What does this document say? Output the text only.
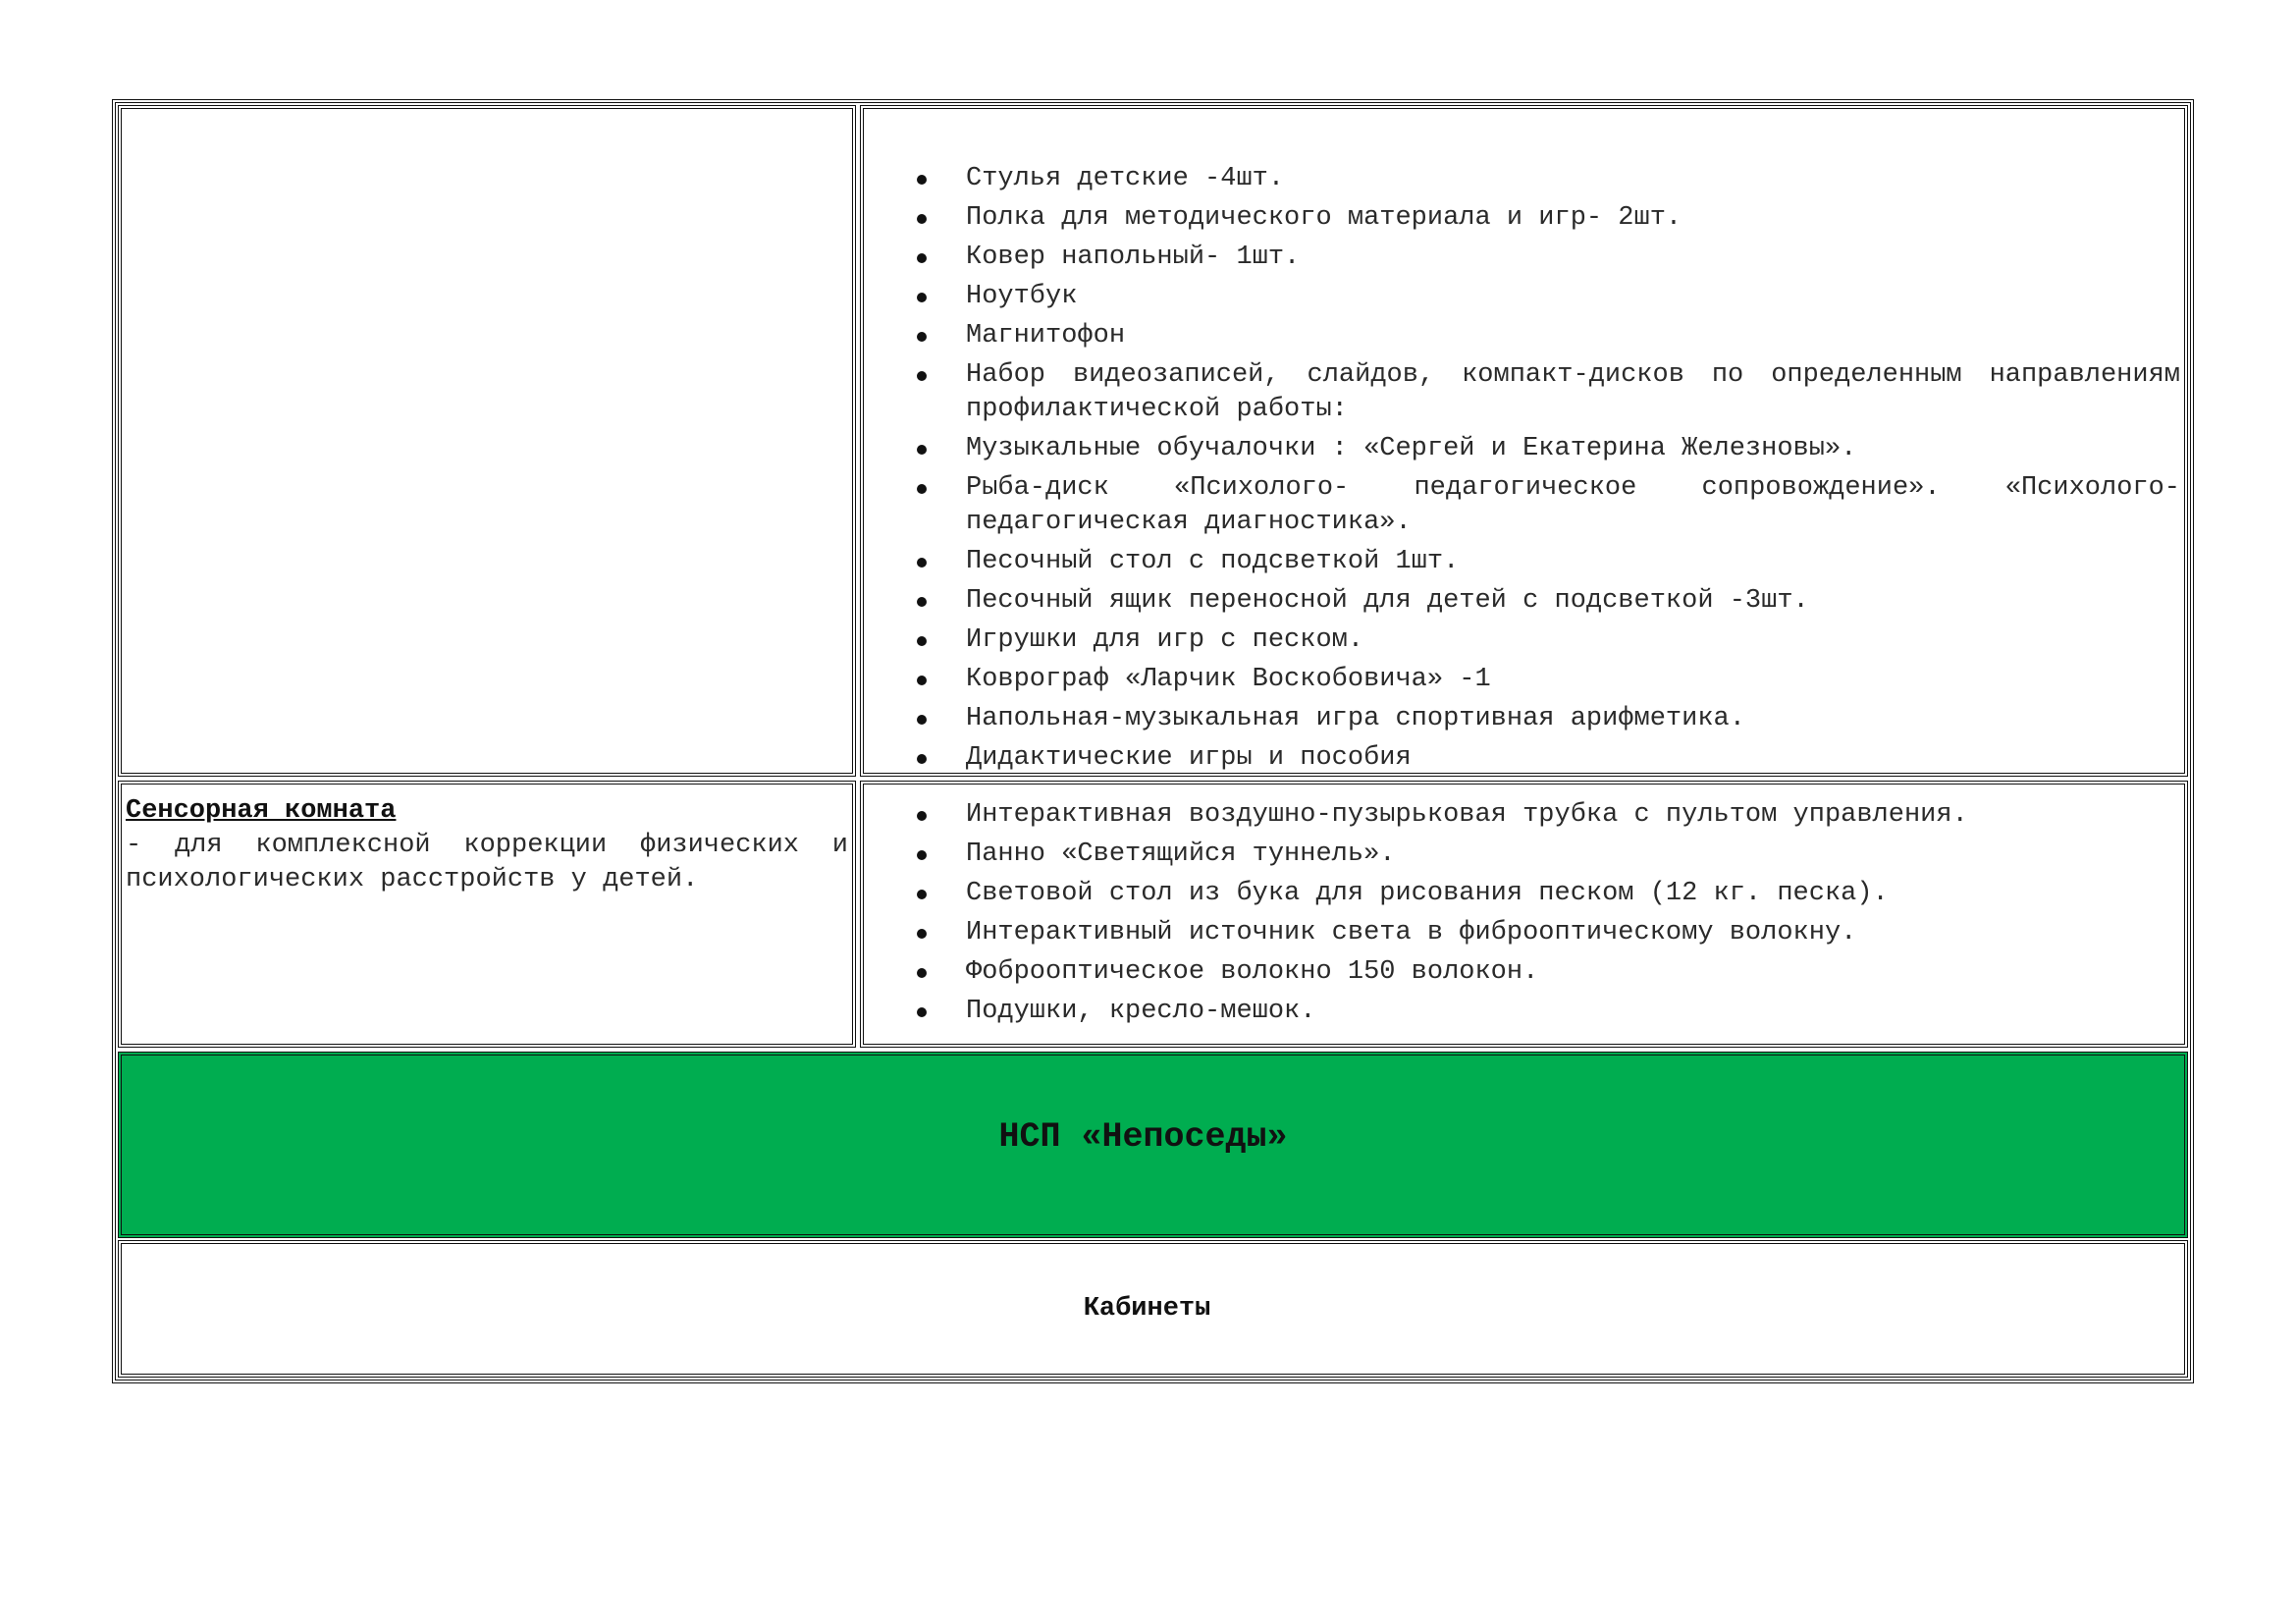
Стулья детские -4шт.
Полка для методического материала и игр- 2шт.
Ковер напольный- 1шт.
Ноутбук
Магнитофон
Набор видеозаписей, слайдов, компакт-дисков по определенным направлениям профилактической работы:
Музыкальные обучалочки : «Сергей и Екатерина Железновы».
Рыба-диск «Психолого- педагогическое сопровождение». «Психолого-педагогическая диагностика».
Песочный стол с подсветкой 1шт.
Песочный ящик переносной для детей с подсветкой -3шт.
Игрушки для игр с песком.
Коврограф «Ларчик Воскобовича» -1
Напольная-музыкальная игра спортивная арифметика.
Дидактические игры и пособия
Сенсорная комната
- для комплексной коррекции физических и психологических расстройств у детей.
Интерактивная воздушно-пузырьковая трубка с пультом управления.
Панно «Светящийся туннель».
Световой стол из бука для рисования песком (12 кг. песка).
Интерактивный источник света в фиброоптическому волокну.
Фоброоптическое волокно 150 волокон.
Подушки, кресло-мешок.
НСП «Непоседы»
Кабинеты
